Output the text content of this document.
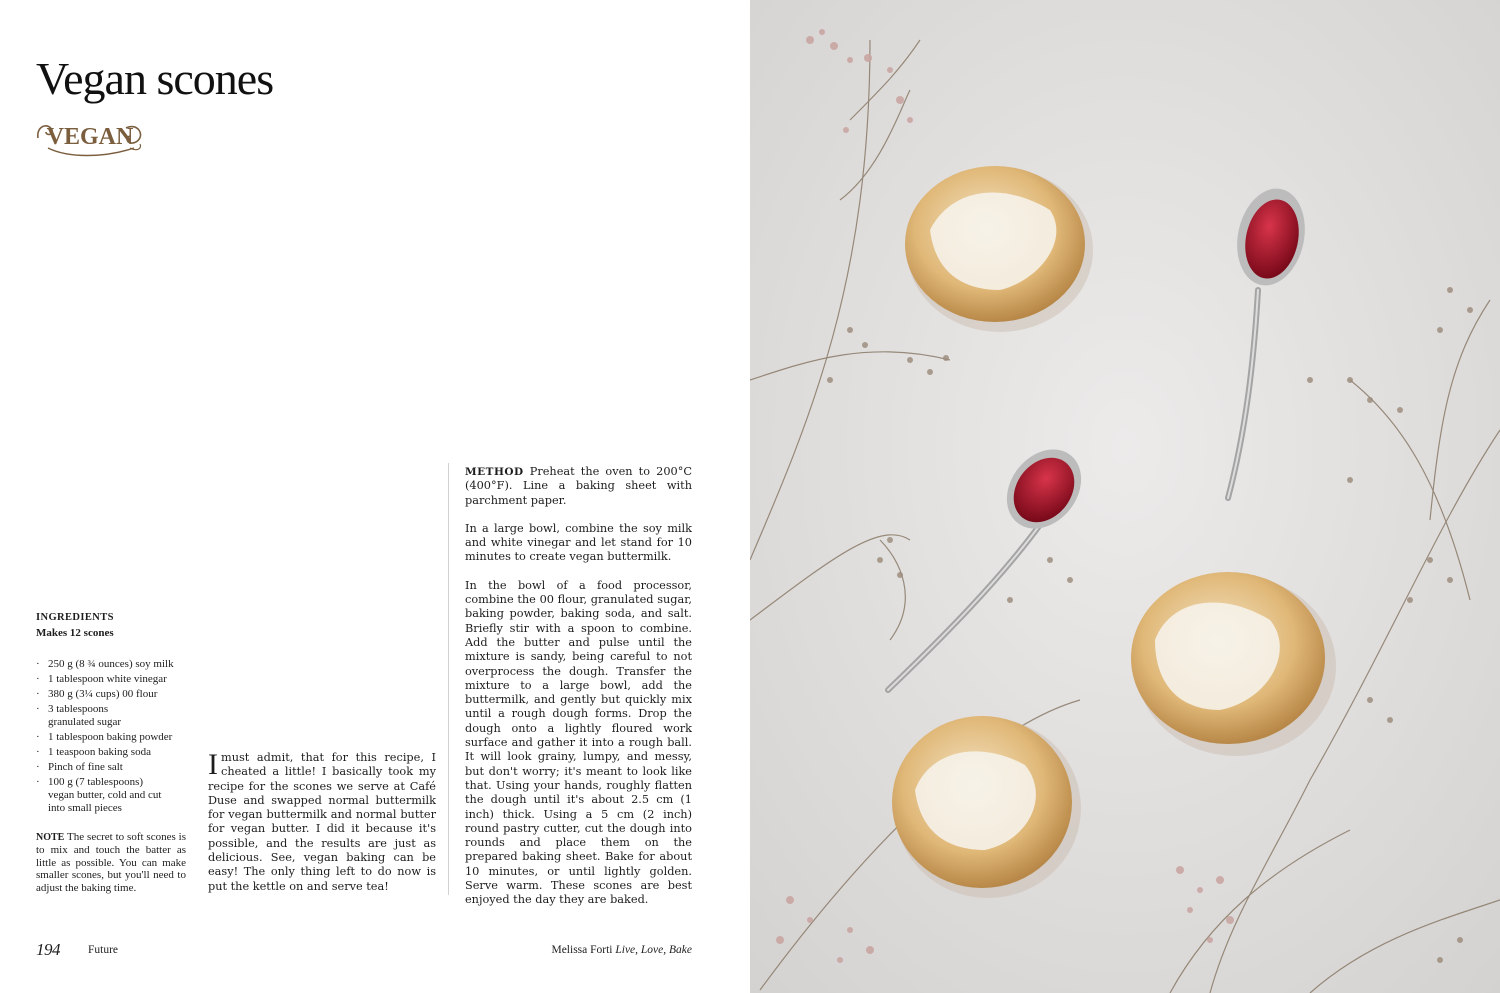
Vegan scones
VEGAN
INGREDIENTS
Makes 12 scones
· 250 g (8 ¾ ounces) soy milk
· 1 tablespoon white vinegar
· 380 g (3¼ cups) 00 flour
· 3 tablespoons granulated sugar
· 1 tablespoon baking powder
· 1 teaspoon baking soda
· Pinch of fine salt
· 100 g (7 tablespoons) vegan butter, cold and cut into small pieces

NOTE The secret to soft scones is to mix and touch the batter as little as possible. You can make smaller scones, but you'll need to adjust the baking time.

Imust admit, that for this recipe, I cheated a little! I basically took my recipe for the scones we serve at Café Duse and swapped normal buttermilk for vegan buttermilk and normal butter for vegan butter. I did it because it's possible, and the results are just as delicious. See, vegan baking can be easy! The only thing left to do now is put the kettle on and serve tea!

METHOD Preheat the oven to 200°C (400°F). Line a baking sheet with parchment paper.

In a large bowl, combine the soy milk and white vinegar and let stand for 10 minutes to create vegan buttermilk.

In the bowl of a food processor, combine the 00 flour, granulated sugar, baking powder, baking soda, and salt. Briefly stir with a spoon to combine. Add the butter and pulse until the mixture is sandy, being careful to not overprocess the dough. Transfer the mixture to a large bowl, add the buttermilk, and gently but quickly mix until a rough dough forms. Drop the dough onto a lightly floured work surface and gather it into a rough ball. It will look grainy, lumpy, and messy, but don't worry; it's meant to look like that. Using your hands, roughly flatten the dough until it's about 2.5 cm (1 inch) thick. Using a 5 cm (2 inch) round pastry cutter, cut the dough into rounds and place them on the prepared baking sheet. Bake for about 10 minutes, or until lightly golden. Serve warm. These scones are best enjoyed the day they are baked.

194 Future	Melissa Forti Live, Love, Bake
